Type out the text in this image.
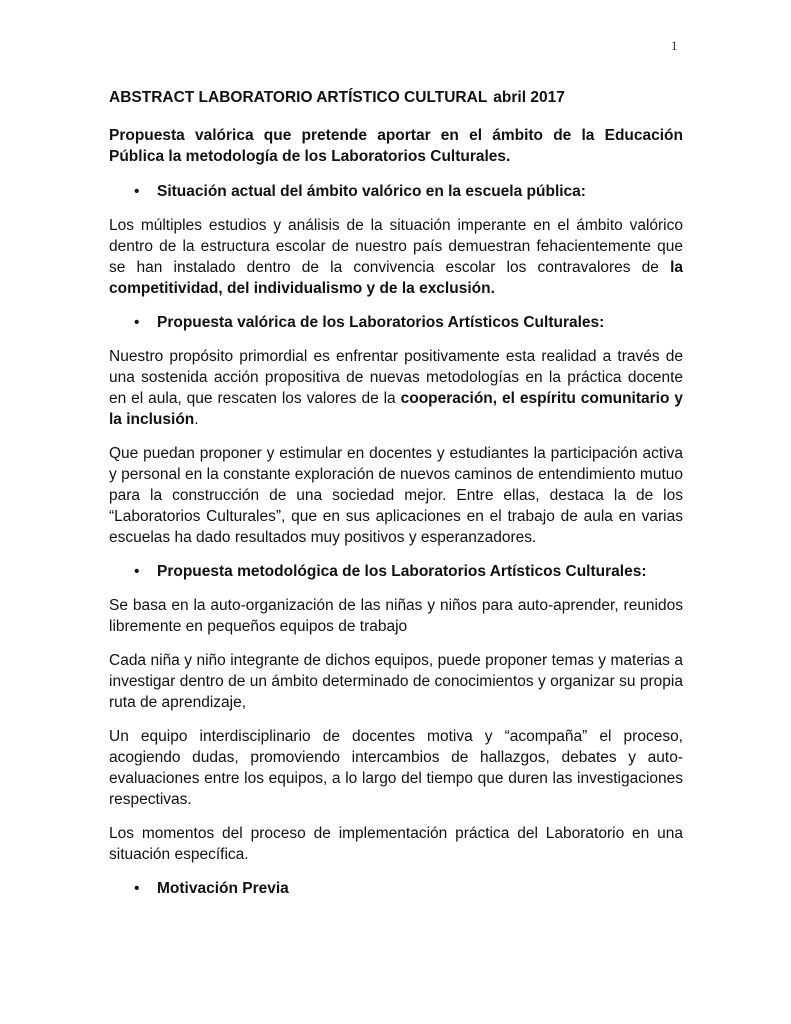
1

ABSTRACT LABORATORIO ARTÍSTICO CULTURAL abril 2017

Propuesta valórica que pretende aportar en el ámbito de la Educación Pública la metodología de los Laboratorios Culturales.

•	Situación actual del ámbito valórico en la escuela pública:

Los múltiples estudios y análisis de la situación imperante en el ámbito valórico dentro de la estructura escolar de nuestro país demuestran fehacientemente que se han instalado dentro de la convivencia escolar los contravalores de la competitividad, del individualismo y de la exclusión.

•	Propuesta valórica de los Laboratorios Artísticos Culturales:

Nuestro propósito primordial es enfrentar positivamente esta realidad a través de una sostenida acción propositiva de nuevas metodologías en la práctica docente en el aula, que rescaten los valores de la cooperación, el espíritu comunitario y la inclusión.

Que puedan proponer y estimular en docentes y estudiantes la participación activa y personal en la constante exploración de nuevos caminos de entendimiento mutuo para la construcción de una sociedad mejor. Entre ellas, destaca la de los “Laboratorios Culturales”, que en sus aplicaciones en el trabajo de aula en varias escuelas ha dado resultados muy positivos y esperanzadores.

•	Propuesta metodológica de los Laboratorios Artísticos Culturales:

Se basa en la auto-organización de las niñas y niños para auto-aprender, reunidos libremente en pequeños equipos de trabajo

Cada niña y niño integrante de dichos equipos, puede proponer temas y materias a investigar dentro de un ámbito determinado de conocimientos y organizar su propia ruta de aprendizaje,

Un equipo interdisciplinario de docentes motiva y “acompaña” el proceso, acogiendo dudas, promoviendo intercambios de hallazgos, debates y auto-evaluaciones entre los equipos, a lo largo del tiempo que duren las investigaciones respectivas.

Los momentos del proceso de implementación práctica del Laboratorio en una situación específica.

•	Motivación Previa
